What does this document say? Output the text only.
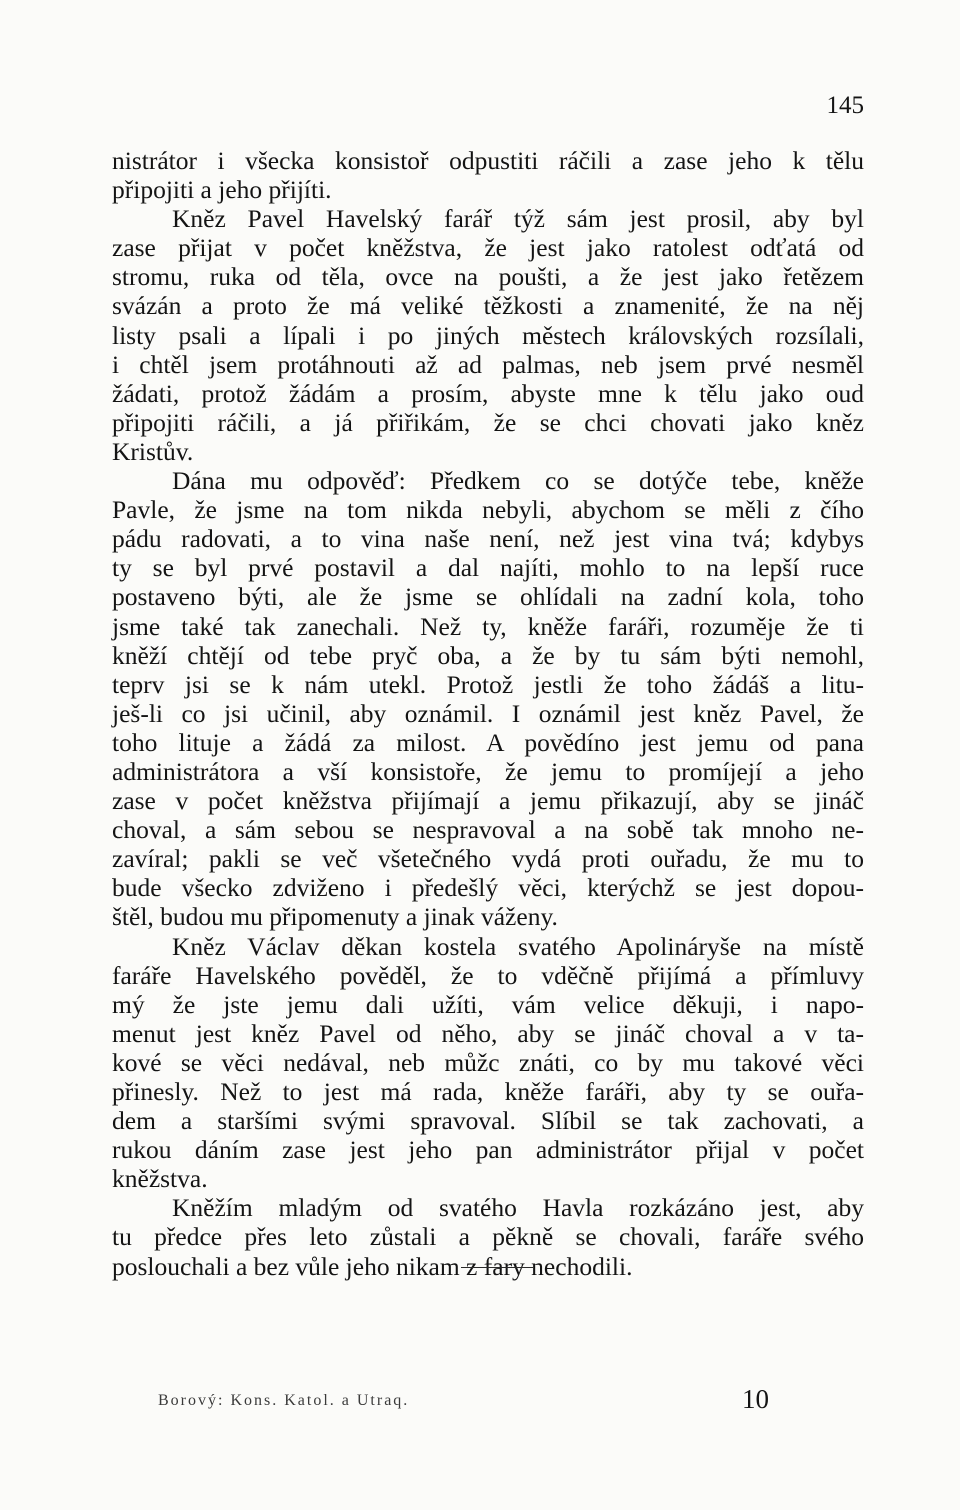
145
nistrátor i všecka konsistoř odpustiti ráčili a zase jeho k tělu
připojiti a jeho přijíti.
Kněz Pavel Havelský farář týž sám jest prosil, aby byl
zase přijat v počet kněžstva, že jest jako ratolest odťatá od
stromu, ruka od těla, ovce na poušti, a že jest jako řetězem
svázán a proto že má veliké těžkosti a znamenité, že na něj
listy psali a lípali i po jiných městech královských rozsílali,
i chtěl jsem protáhnouti až ad palmas, neb jsem prvé nesměl
žádati, protož žádám a prosím, abyste mne k tělu jako oud
připojiti ráčili, a já přiřikám, že se chci chovati jako kněz
Kristův.
Dána mu odpověď: Předkem co se dotýče tebe, kněže
Pavle, že jsme na tom nikda nebyli, abychom se měli z čího
pádu radovati, a to vina naše není, než jest vina tvá; kdybys
ty se byl prvé postavil a dal najíti, mohlo to na lepší ruce
postaveno býti, ale že jsme se ohlídali na zadní kola, toho
jsme také tak zanechali. Než ty, kněže faráři, rozuměje že ti
kněží chtějí od tebe pryč oba, a že by tu sám býti nemohl,
teprv jsi se k nám utekl. Protož jestli že toho žádáš a litu-
ješ-li co jsi učinil, aby oznámil. I oznámil jest kněz Pavel, že
toho lituje a žádá za milost. A povědíno jest jemu od pana
administrátora a vší konsistoře, že jemu to promíjejí a jeho
zase v počet kněžstva přijímají a jemu přikazují, aby se jináč
choval, a sám sebou se nespravoval a na sobě tak mnoho ne-
zavíral; pakli se več všetečného vydá proti ouřadu, že mu to
bude všecko zdviženo i předešlý věci, kterýchž se jest dopou-
štěl, budou mu připomenuty a jinak váženy.
Kněz Václav děkan kostela svatého Apolináryše na místě
faráře Havelského pověděl, že to vděčně přijímá a přímluvy
mý že jste jemu dali užíti, vám velice děkuji, i napo-
menut jest kněz Pavel od něho, aby se jináč choval a v ta-
kové se věci nedával, neb můžc znáti, co by mu takové věci
přinesly. Než to jest má rada, kněže faráři, aby ty se ouřa-
dem a staršími svými spravoval. Slíbil se tak zachovati, a
rukou dáním zase jest jeho pan administrátor přijal v počet
kněžstva.
Kněžím mladým od svatého Havla rozkázáno jest, aby
tu předce přes leto zůstali a pěkně se chovali, faráře svého
poslouchali a bez vůle jeho nikam z fary nechodili.
Borový: Kons. Katol. a Utraq.	10
